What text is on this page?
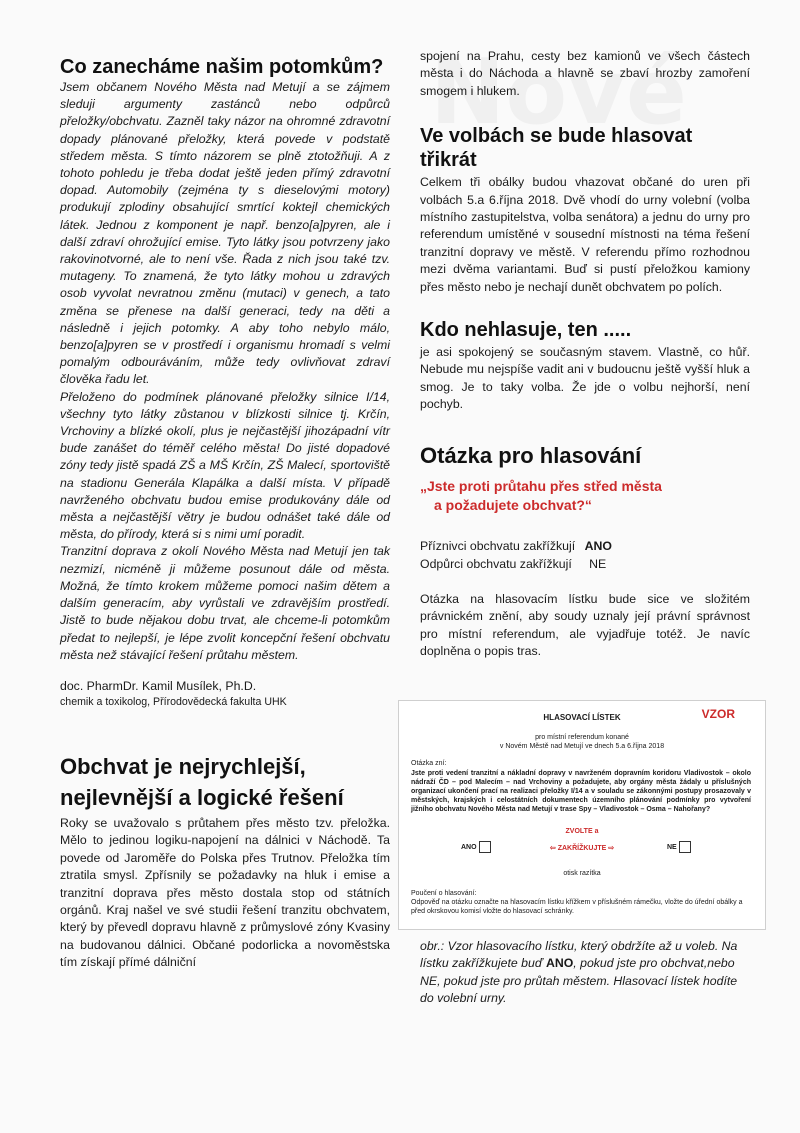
Co zanecháme našim potomkům?

Jsem občanem Nového Města nad Metují a se zájmem sleduji argumenty zastánců nebo odpůrců přeložky/obchvatu. Zazněl taky názor na ohromné zdravotní dopady plánované přeložky, která povede v podstatě středem města. S tímto názorem se plně ztotožňuji. A z tohoto pohledu je třeba dodat ještě jeden přímý zdravotní dopad. Automobily (zejména ty s dieselovými motory) produkují zplodiny obsahující smrtící koktejl chemických látek. Jednou z komponent je např. benzo[a]pyren, ale i další zdraví ohrožující emise. Tyto látky jsou potvrzeny jako rakovinotvorné, ale to není vše. Řada z nich jsou také tzv. mutageny. To znamená, že tyto látky mohou u zdravých osob vyvolat nevratnou změnu (mutaci) v genech, a tato změna se přenese na další generaci, tedy na děti a následně i jejich potomky. A aby toho nebylo málo, benzo[a]pyren se v prostředí i organismu hromadí s velmi pomalým odbouráváním, může tedy ovlivňovat zdraví člověka řadu let.

Přeloženo do podmínek plánované přeložky silnice I/14, všechny tyto látky zůstanou v blízkosti silnice tj. Krčín, Vrchoviny a blízké okolí, plus je nejčastější jihozápadní vítr bude zanášet do téměř celého města! Do jisté dopadové zóny tedy jistě spadá ZŠ a MŠ Krčín, ZŠ Malecí, sportoviště na stadionu Generála Klapálka a další místa. V případě navrženého obchvatu budou emise produkovány dále od města a nejčastější větry je budou odnášet také dále od města, do přírody, která si s nimi umí poradit.

Tranzitní doprava z okolí Nového Města nad Metují jen tak nezmizí, nicméně ji můžeme posunout dále od města. Možná, že tímto krokem můžeme pomoci našim dětem a dalším generacím, aby vyrůstali ve zdravějším prostředí. Jistě to bude nějakou dobu trvat, ale chceme-li potomkům předat to nejlepší, je lépe zvolit koncepční řešení obchvatu města než stávající řešení průtahu městem.

doc. PharmDr. Kamil Musílek, Ph.D.

chemik a toxikolog, Přírodovědecká fakulta UHK

Obchvat je nejrychlejší,
nejlevnější a logické řešení

Roky se uvažovalo s průtahem přes město tzv. přeložka. Mělo to jedinou logiku-napojení na dálnici v Náchodě. Ta povede od Jaroměře do Polska přes Trutnov. Přeložka tím ztratila smysl. Zpřísnily se požadavky na hluk i emise a tranzitní doprava přes město dostala stop od státních orgánů. Kraj našel ve své studii řešení tranzitu obchvatem, který by převedl dopravu hlavně z průmyslové zóny Kvasiny na budovanou dálnici. Občané podorlicka a novoměstska tím získají přímé dálniční

spojení na Prahu, cesty bez kamionů ve všech částech města i do Náchoda a hlavně se zbaví hrozby zamoření smogem i hlukem.

Ve volbách se bude hlasovat třikrát

Celkem tři obálky budou vhazovat občané do uren při volbách 5.a 6.října 2018. Dvě vhodí do urny volební (volba místního zastupitelstva, volba senátora) a jednu do urny pro referendum umístěné v sousední místnosti na téma řešení tranzitní dopravy ve městě. V referendu přímo rozhodnou mezi dvěma variantami. Buď si pustí přeložkou kamiony přes město nebo je nechají dunět obchvatem po polích.

Kdo nehlasuje, ten .....

je asi spokojený se současným stavem. Vlastně, co hůř. Nebude mu nejspíše vadit ani v budoucnu ještě vyšší hluk a smog. Je to taky volba. Že jde o volbu nejhorší, není pochyb.

Otázka pro hlasování

„Jste proti průtahu přes střed města

a požadujete obchvat?“

Příznivci obchvatu zakřížkují ANO
Odpůrci obchvatu zakřížkují NE

Otázka na hlasovacím lístku bude sice ve složitém právnickém znění, aby soudy uznaly její právní správnost pro místní referendum, ale vyjadřuje totéž. Je navíc doplněna o popis tras.

HLASOVACÍ LÍSTEK	VZOR
pro místní referendum konané
v Novém Městě nad Metují ve dnech 5.a 6.října 2018
Otázka zní:
Jste proti vedení tranzitní a nákladní dopravy v navrženém dopravním koridoru Vladivostok – okolo nádraží ČD – pod Malecím – nad Vrchoviny a požadujete, aby orgány města žádaly u příslušných organizací ukončení prací na realizaci přeložky I/14 a v souladu se zákonnými postupy prosazovaly v městských, krajských i celostátních dokumentech územního plánování podmínky pro vytvoření jižního obchvatu Nového Města nad Metují v trase Spy – Vladivostok – Osma – Nahořany?
ZVOLTE a
ANO	⇦ ZAKŘÍŽKUJTE ⇨	NE
otisk razítka
Poučení o hlasování:
Odpověď na otázku označte na hlasovacím lístku křížkem v příslušném rámečku, vložte do úřední obálky a před okrskovou komisí vložte do hlasovací schránky.

obr.: Vzor hlasovacího lístku, který obdržíte až u voleb. Na lístku zakřížkujete buď ANO, pokud jste pro obchvat,nebo NE, pokud jste pro průtah městem. Hlasovací lístek hodíte do volební urny.
